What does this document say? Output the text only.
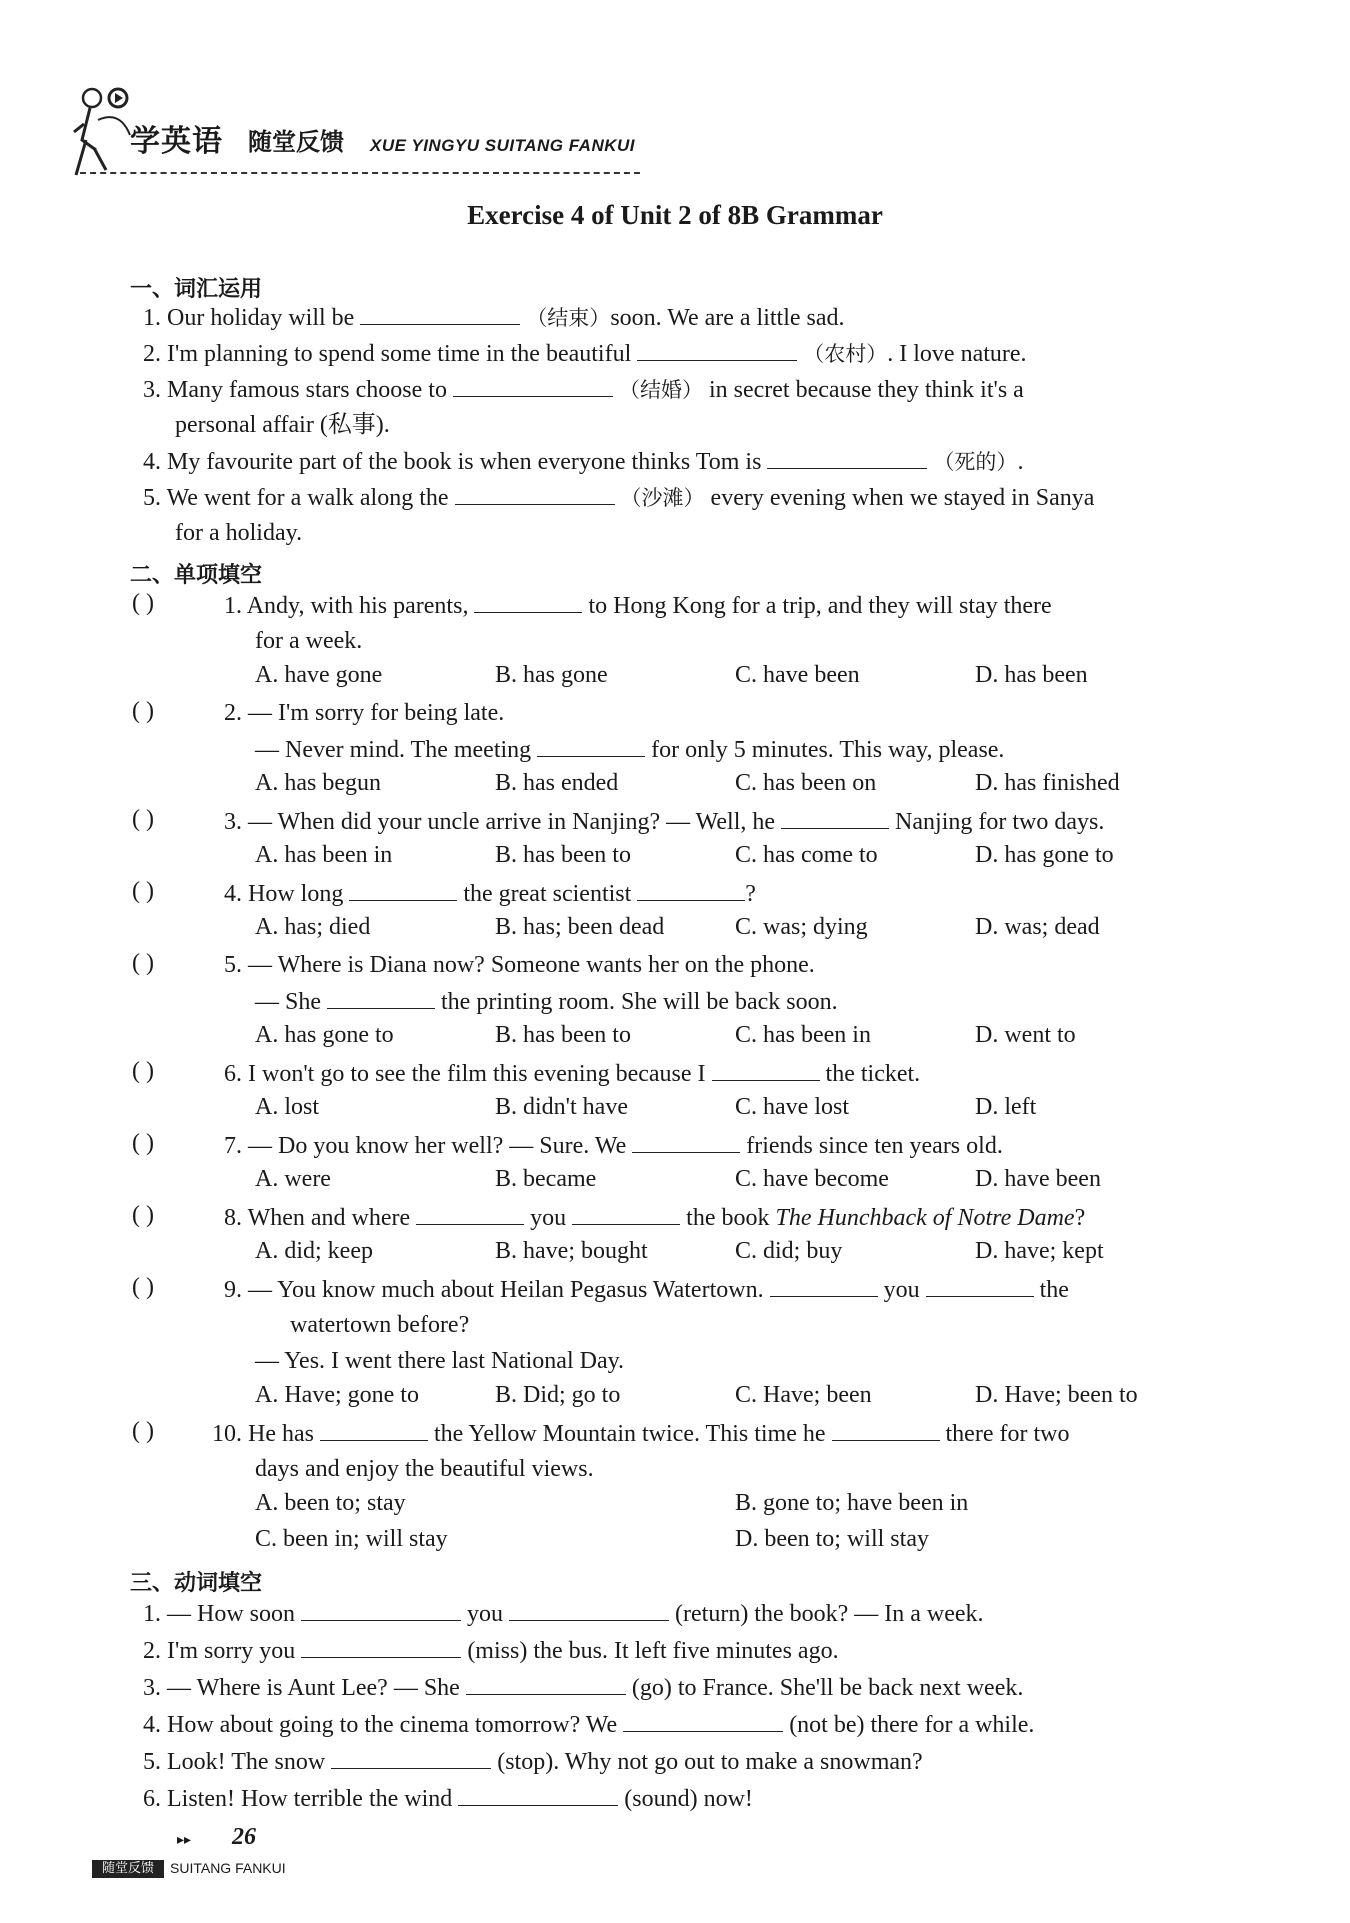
学英语 随堂反馈 XUE YINGYU SUITANG FANKUI
Exercise 4 of Unit 2 of 8B Grammar
一、词汇运用
1. Our holiday will be	（结束）soon. We are a little sad.
2. I'm planning to spend some time in the beautiful	（农村）. I love nature.
3. Many famous stars choose to	（结婚） in secret because they think it's a
personal affair (私事).
4. My favourite part of the book is when everyone thinks Tom is	（死的）.
5. We went for a walk along the	（沙滩） every evening when we stayed in Sanya
for a holiday.
二、单项填空
( )	1. Andy, with his parents,	to Hong Kong for a trip, and they will stay there
for a week.
A. have gone	B. has gone	C. have been	D. has been
( )	2. — I'm sorry for being late.
— Never mind. The meeting	for only 5 minutes. This way, please.
A. has begun	B. has ended	C. has been on	D. has finished
( )	3. — When did your uncle arrive in Nanjing? — Well, he	Nanjing for two days.
A. has been in	B. has been to	C. has come to	D. has gone to
( )	4. How long	the great scientist	?
A. has; died	B. has; been dead	C. was; dying	D. was; dead
( )	5. — Where is Diana now? Someone wants her on the phone.
— She	the printing room. She will be back soon.
A. has gone to	B. has been to	C. has been in	D. went to
( )	6. I won't go to see the film this evening because I	the ticket.
A. lost	B. didn't have	C. have lost	D. left
( )	7. — Do you know her well? — Sure. We	friends since ten years old.
A. were	B. became	C. have become	D. have been
( )	8. When and where	you	the book The Hunchback of Notre Dame?
A. did; keep	B. have; bought	C. did; buy	D. have; kept
( )	9. — You know much about Heilan Pegasus Watertown.	you	the
watertown before?
— Yes. I went there last National Day.
A. Have; gone to	B. Did; go to	C. Have; been	D. Have; been to
( ) 10. He has	the Yellow Mountain twice. This time he	there for two
days and enjoy the beautiful views.
A. been to; stay	B. gone to; have been in
C. been in; will stay	D. been to; will stay
三、动词填空
1. — How soon	you	(return) the book? — In a week.
2. I'm sorry you	(miss) the bus. It left five minutes ago.
3. — Where is Aunt Lee? — She	(go) to France. She'll be back next week.
4. How about going to the cinema tomorrow? We	(not be) there for a while.
5. Look! The snow	(stop). Why not go out to make a snowman?
6. Listen! How terrible the wind	(sound) now!
▸▸ 26
随堂反馈	SUITANG FANKUI
